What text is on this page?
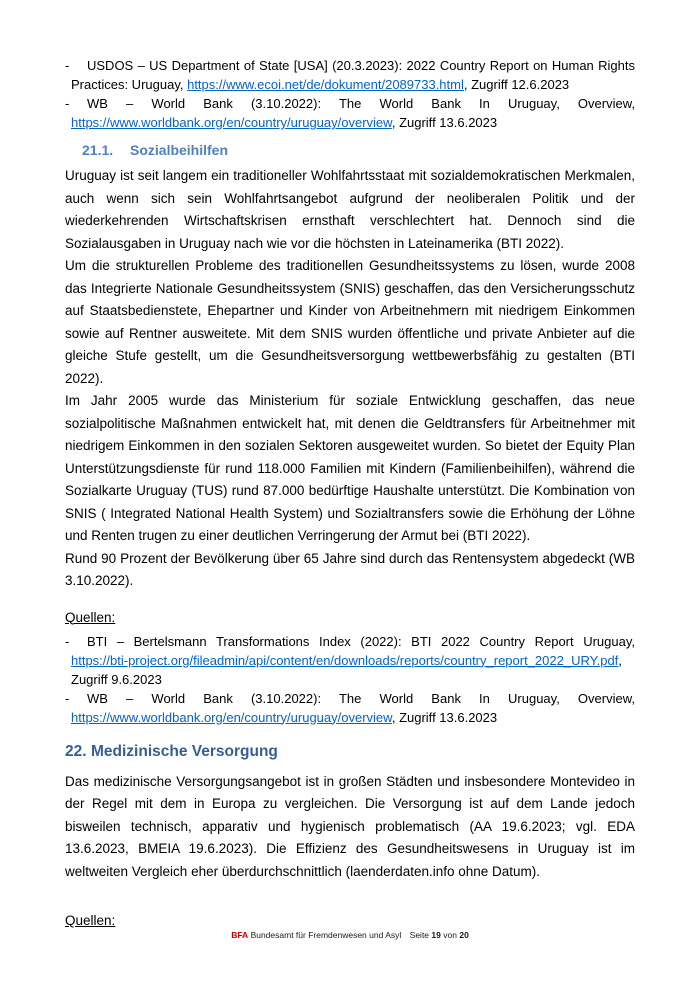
- USDOS – US Department of State [USA] (20.3.2023): 2022 Country Report on Human Rights Practices: Uruguay, https://www.ecoi.net/de/dokument/2089733.html, Zugriff 12.6.2023
- WB – World Bank (3.10.2022): The World Bank In Uruguay, Overview, https://www.worldbank.org/en/country/uruguay/overview, Zugriff 13.6.2023
21.1. Sozialbeihilfen

Uruguay ist seit langem ein traditioneller Wohlfahrtsstaat mit sozialdemokratischen Merkmalen, auch wenn sich sein Wohlfahrtsangebot aufgrund der neoliberalen Politik und der wiederkehrenden Wirtschaftskrisen ernsthaft verschlechtert hat. Dennoch sind die Sozialausgaben in Uruguay nach wie vor die höchsten in Lateinamerika (BTI 2022).

Um die strukturellen Probleme des traditionellen Gesundheitssystems zu lösen, wurde 2008 das Integrierte Nationale Gesundheitssystem (SNIS) geschaffen, das den Versicherungsschutz auf Staatsbedienstete, Ehepartner und Kinder von Arbeitnehmern mit niedrigem Einkommen sowie auf Rentner ausweitete. Mit dem SNIS wurden öffentliche und private Anbieter auf die gleiche Stufe gestellt, um die Gesundheitsversorgung wettbewerbsfähig zu gestalten (BTI 2022).

Im Jahr 2005 wurde das Ministerium für soziale Entwicklung geschaffen, das neue sozialpolitische Maßnahmen entwickelt hat, mit denen die Geldtransfers für Arbeitnehmer mit niedrigem Einkommen in den sozialen Sektoren ausgeweitet wurden. So bietet der Equity Plan Unterstützungsdienste für rund 118.000 Familien mit Kindern (Familienbeihilfen), während die Sozialkarte Uruguay (TUS) rund 87.000 bedürftige Haushalte unterstützt. Die Kombination von SNIS ( Integrated National Health System) und Sozialtransfers sowie die Erhöhung der Löhne und Renten trugen zu einer deutlichen Verringerung der Armut bei (BTI 2022).

Rund 90 Prozent der Bevölkerung über 65 Jahre sind durch das Rentensystem abgedeckt (WB 3.10.2022).

Quellen:

- BTI – Bertelsmann Transformations Index (2022): BTI 2022 Country Report Uruguay, https://bti-project.org/fileadmin/api/content/en/downloads/reports/country_report_2022_URY.pdf, Zugriff 9.6.2023
- WB – World Bank (3.10.2022): The World Bank In Uruguay, Overview, https://www.worldbank.org/en/country/uruguay/overview, Zugriff 13.6.2023
22. Medizinische Versorgung

Das medizinische Versorgungsangebot ist in großen Städten und insbesondere Montevideo in der Regel mit dem in Europa zu vergleichen. Die Versorgung ist auf dem Lande jedoch bisweilen technisch, apparativ und hygienisch problematisch (AA 19.6.2023; vgl. EDA 13.6.2023, BMEIA 19.6.2023). Die Effizienz des Gesundheitswesens in Uruguay ist im weltweiten Vergleich eher überdurchschnittlich (laenderdaten.info ohne Datum).

Quellen:

BFA Bundesamt für Fremdenwesen und Asyl Seite 19 von 20
